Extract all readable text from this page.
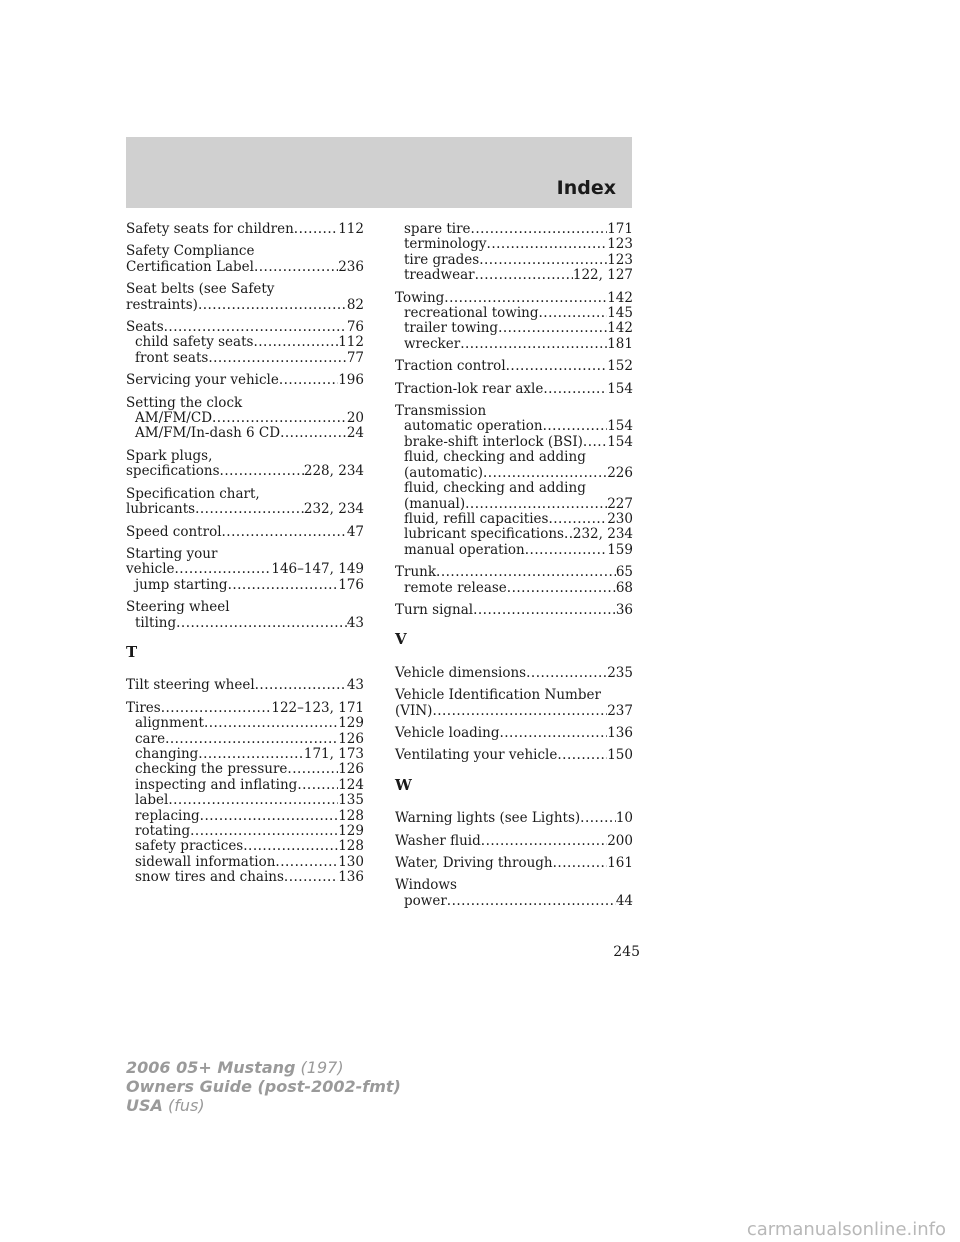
Index
Safety seats for children .....	112
Safety Compliance
Certification Label .....	236
Seat belts (see Safety
restraints) .....	82
Seats .....	76
child safety seats .....	112
front seats .....	77
Servicing your vehicle .....	196
Setting the clock
AM/FM/CD .....	20
AM/FM/In-dash 6 CD .....	24
Spark plugs,
specifications .....	228, 234
Specification chart,
lubricants .....	232, 234
Speed control .....	47
Starting your
vehicle .....	146–147, 149
jump starting .....	176
Steering wheel
tilting .....	43
T
Tilt steering wheel .....	43
Tires .....	122–123, 171
alignment .....	129
care .....	126
changing .....	171, 173
checking the pressure .....	126
inspecting and inflating .....	124
label .....	135
replacing .....	128
rotating .....	129
safety practices .....	128
sidewall information .....	130
snow tires and chains .....	136
spare tire .....	171
terminology .....	123
tire grades .....	123
treadwear .....	122, 127
Towing .....	142
recreational towing .....	145
trailer towing .....	142
wrecker .....	181
Traction control .....	152
Traction-lok rear axle .....	154
Transmission
automatic operation .....	154
brake-shift interlock (BSI) ..... 154
fluid, checking and adding
(automatic) .....	226
fluid, checking and adding
(manual) .....	227
fluid, refill capacities .....	230
lubricant specifications ..... 232, 234
manual operation .....	159
Trunk .....	65
remote release .....	68
Turn signal .....	36
V
Vehicle dimensions .....	235
Vehicle Identification Number
(VIN) .....	237
Vehicle loading .....	136
Ventilating your vehicle .....	150
W
Warning lights (see Lights) .....	10
Washer fluid .....	200
Water, Driving through .....	161
Windows
power .....	44
245
2006 05+ Mustang (197)
Owners Guide (post-2002-fmt)
USA (fus)
carmanualsonline.info
